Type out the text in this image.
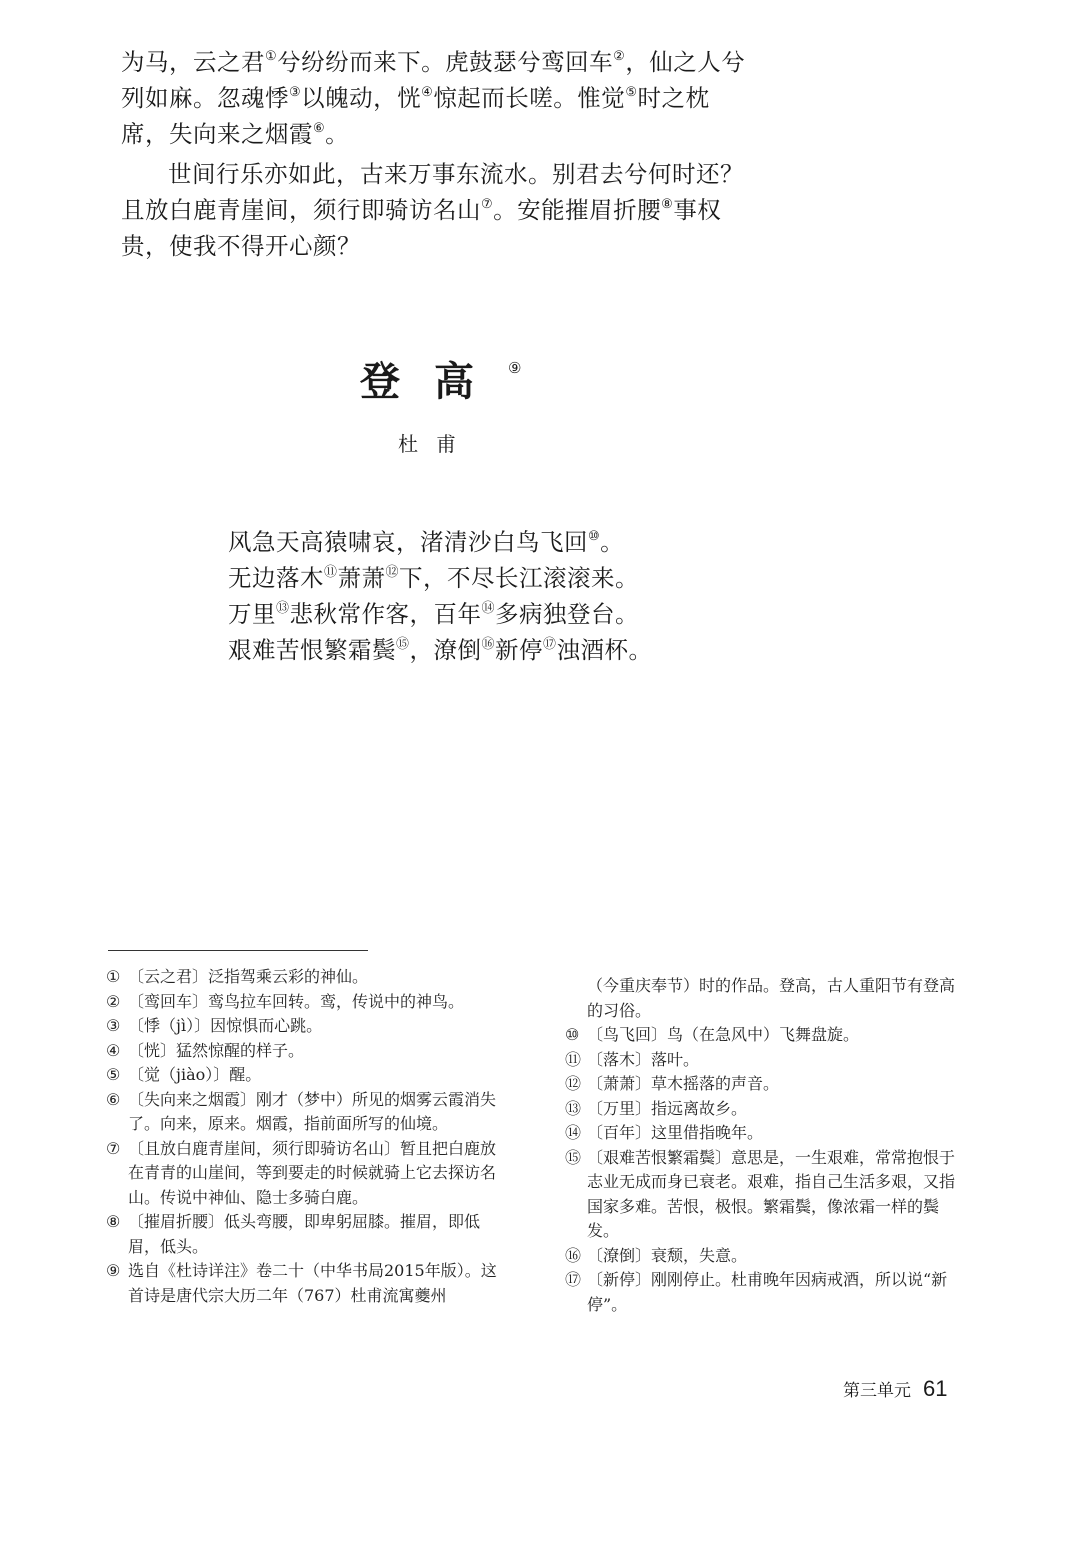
为马，云之君①兮纷纷而来下。虎鼓瑟兮鸾回车②，仙之人兮列如麻。忽魂悸③以魄动，恍④惊起而长嗟。惟觉⑤时之枕席，失向来之烟霞⑥。

世间行乐亦如此，古来万事东流水。别君去兮何时还？且放白鹿青崖间，须行即骑访名山⑦。安能摧眉折腰⑧事权贵，使我不得开心颜？

登高⑨
杜甫
风急天高猿啸哀，渚清沙白鸟飞回⑩。
无边落木⑪萧萧⑫下，不尽长江滚滚来。
万里⑬悲秋常作客，百年⑭多病独登台。
艰难苦恨繁霜鬓⑮，潦倒⑯新停⑰浊酒杯。
① 〔云之君〕泛指驾乘云彩的神仙。
② 〔鸾回车〕鸾鸟拉车回转。鸾，传说中的神鸟。
③ 〔悸（jì）〕因惊惧而心跳。
④ 〔恍〕猛然惊醒的样子。
⑤ 〔觉（jiào）〕醒。
⑥ 〔失向来之烟霞〕刚才（梦中）所见的烟雾云霞消失了。向来，原来。烟霞，指前面所写的仙境。
⑦ 〔且放白鹿青崖间，须行即骑访名山〕暂且把白鹿放在青青的山崖间，等到要走的时候就骑上它去探访名山。传说中神仙、隐士多骑白鹿。
⑧ 〔摧眉折腰〕低头弯腰，即卑躬屈膝。摧眉，即低眉，低头。
⑨ 选自《杜诗详注》卷二十（中华书局2015年版）。这首诗是唐代宗大历二年（767）杜甫流寓夔州
（今重庆奉节）时的作品。登高，古人重阳节有登高的习俗。
⑩ 〔鸟飞回〕鸟（在急风中）飞舞盘旋。
⑪ 〔落木〕落叶。
⑫ 〔萧萧〕草木摇落的声音。
⑬ 〔万里〕指远离故乡。
⑭ 〔百年〕这里借指晚年。
⑮ 〔艰难苦恨繁霜鬓〕意思是，一生艰难，常常抱恨于志业无成而身已衰老。艰难，指自己生活多艰，又指国家多难。苦恨，极恨。繁霜鬓，像浓霜一样的鬓发。
⑯ 〔潦倒〕衰颓，失意。
⑰ 〔新停〕刚刚停止。杜甫晚年因病戒酒，所以说“新停”。
第三单元 61
